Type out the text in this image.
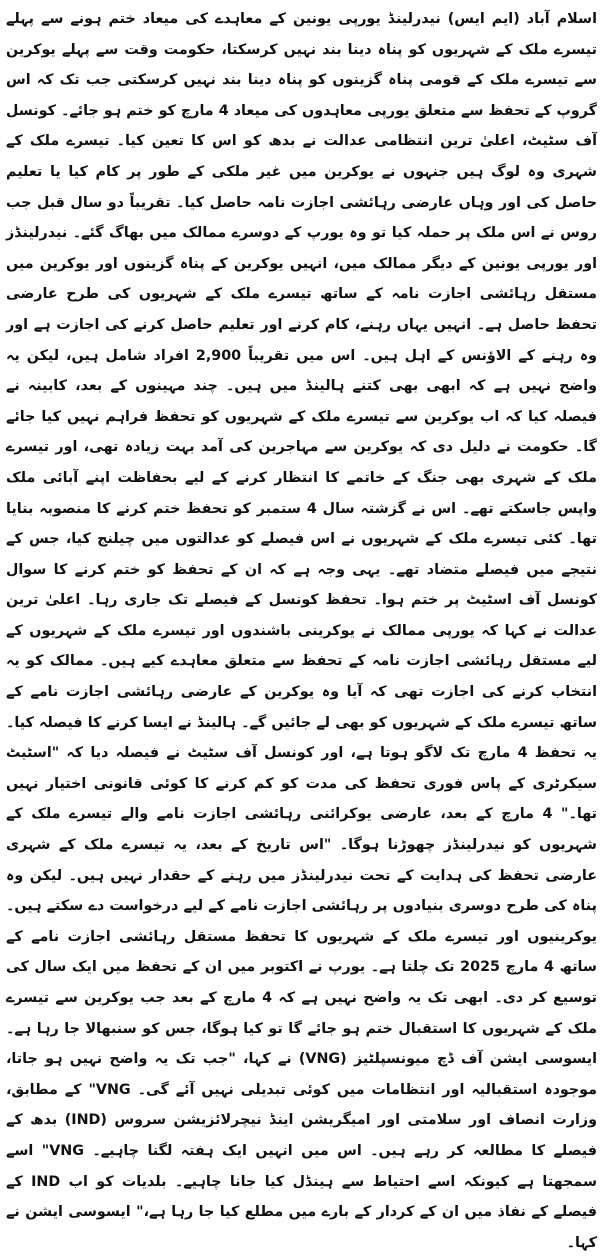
اسلام آباد (ایم ایس) نیدرلینڈ یورپی یونین کے معاہدے کی میعاد ختم ہونے سے پہلے تیسرے ملک کے شہریوں کو پناہ دینا بند نہیں کرسکتا، حکومت وقت سے پہلے یوکرین سے تیسرے ملک کے قومی پناہ گزینوں کو پناہ دینا بند نہیں کرسکتی جب تک کہ اس گروپ کے تحفظ سے متعلق یورپی معاہدوں کی میعاد 4 مارچ کو ختم ہو جائے۔ کونسل آف سٹیٹ، اعلیٰ ترین انتظامی عدالت نے بدھ کو اس کا تعین کیا۔ تیسرے ملک کے شہری وہ لوگ ہیں جنہوں نے یوکرین میں غیر ملکی کے طور پر کام کیا یا تعلیم حاصل کی اور وہاں عارضی رہائشی اجازت نامہ حاصل کیا۔ تقریباً دو سال قبل جب روس نے اس ملک پر حملہ کیا تو وہ یورپ کے دوسرے ممالک میں بھاگ گئے۔ نیدرلینڈز اور یورپی یونین کے دیگر ممالک میں، انہیں یوکرین کے پناہ گزینوں اور یوکرین میں مستقل رہائشی اجازت نامہ کے ساتھ تیسرے ملک کے شہریوں کی طرح عارضی تحفظ حاصل ہے۔ انہیں یہاں رہنے، کام کرنے اور تعلیم حاصل کرنے کی اجازت ہے اور وہ رہنے کے الاؤنس کے اہل ہیں۔ اس میں تقریباً 2,900 افراد شامل ہیں، لیکن یہ واضح نہیں ہے کہ ابھی بھی کتنے ہالینڈ میں ہیں۔ چند مہینوں کے بعد، کابینہ نے فیصلہ کیا کہ اب یوکرین سے تیسرے ملک کے شہریوں کو تحفظ فراہم نہیں کیا جائے گا۔ حکومت نے دلیل دی کہ یوکرین سے مہاجرین کی آمد بہت زیادہ تھی، اور تیسرے ملک کے شہری بھی جنگ کے خاتمے کا انتظار کرنے کے لیے بحفاظت اپنے آبائی ملک واپس جاسکتے تھے۔ اس نے گزشتہ سال 4 ستمبر کو تحفظ ختم کرنے کا منصوبہ بنایا تھا۔ کئی تیسرے ملک کے شہریوں نے اس فیصلے کو عدالتوں میں چیلنج کیا، جس کے نتیجے میں فیصلے متضاد تھے۔ یہی وجہ ہے کہ ان کے تحفظ کو ختم کرنے کا سوال کونسل آف اسٹیٹ پر ختم ہوا۔ تحفظ کونسل کے فیصلے تک جاری رہا۔ اعلیٰ ترین عدالت نے کہا کہ یورپی ممالک نے یوکرینی باشندوں اور تیسرے ملک کے شہریوں کے لیے مستقل رہائشی اجازت نامہ کے تحفظ سے متعلق معاہدے کیے ہیں۔ ممالک کو یہ انتخاب کرنے کی اجازت تھی کہ آیا وہ یوکرین کے عارضی رہائشی اجازت نامے کے ساتھ تیسرے ملک کے شہریوں کو بھی لے جائیں گے۔ ہالینڈ نے ایسا کرنے کا فیصلہ کیا۔ یہ تحفظ 4 مارچ تک لاگو ہوتا ہے، اور کونسل آف سٹیٹ نے فیصلہ دیا کہ "اسٹیٹ سیکرٹری کے پاس فوری تحفظ کی مدت کو کم کرنے کا کوئی قانونی اختیار نہیں تھا۔" 4 مارچ کے بعد، عارضی یوکرائنی رہائشی اجازت نامے والے تیسرے ملک کے شہریوں کو نیدرلینڈز چھوڑنا ہوگا۔ "اس تاریخ کے بعد، یہ تیسرے ملک کے شہری عارضی تحفظ کی ہدایت کے تحت نیدرلینڈز میں رہنے کے حقدار نہیں ہیں۔ لیکن وہ پناہ کی طرح دوسری بنیادوں پر رہائشی اجازت نامے کے لیے درخواست دے سکتے ہیں۔ یوکرینیوں اور تیسرے ملک کے شہریوں کا تحفظ مستقل رہائشی اجازت نامے کے ساتھ 4 مارچ 2025 تک چلتا ہے۔ یورپ نے اکتوبر میں ان کے تحفظ میں ایک سال کی توسیع کر دی۔ ابھی تک یہ واضح نہیں ہے کہ 4 مارچ کے بعد جب یوکرین سے تیسرے ملک کے شہریوں کا استقبال ختم ہو جائے گا تو کیا ہوگا، جس کو سنبھالا جا رہا ہے۔ ایسوسی ایشن آف ڈچ میونسپلٹیز (VNG) نے کہا، "جب تک یہ واضح نہیں ہو جاتا، موجودہ استقبالیہ اور انتظامات میں کوئی تبدیلی نہیں آئے گی۔ VNG" کے مطابق، وزارت انصاف اور سلامتی اور امیگریشن اینڈ نیچرلائزیشن سروس (IND) بدھ کے فیصلے کا مطالعہ کر رہے ہیں۔ اس میں انہیں ایک ہفتہ لگنا چاہیے۔ VNG" اسے سمجھتا ہے کیونکہ اسے احتیاط سے ہینڈل کیا جانا چاہیے۔ بلدیات کو اب IND کے فیصلے کے نفاذ میں ان کے کردار کے بارے میں مطلع کیا جا رہا ہے،" ایسوسی ایشن نے کہا۔
